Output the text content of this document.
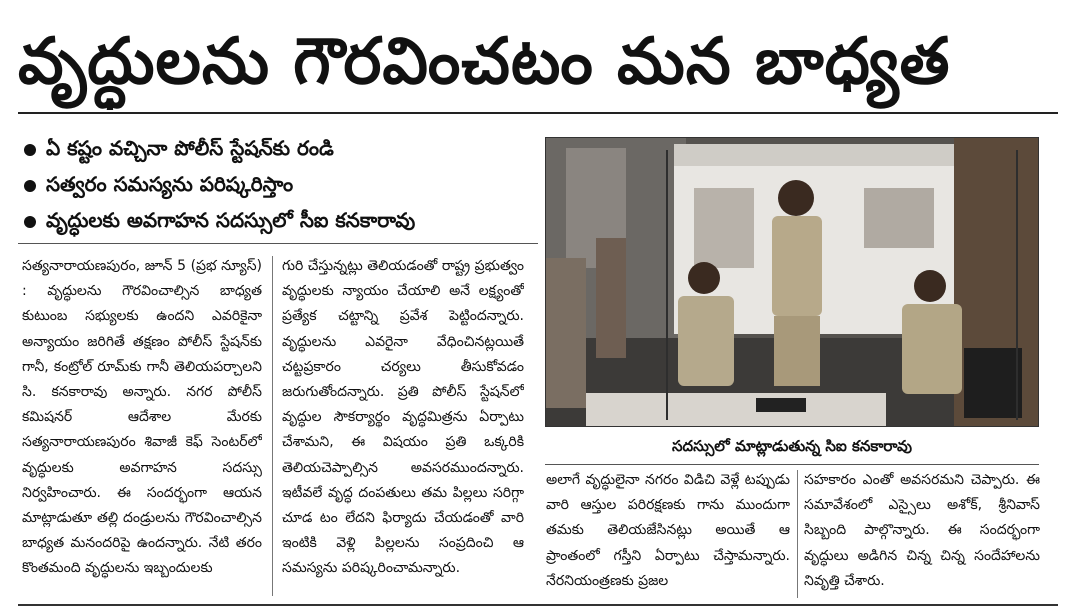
వృద్ధులను గౌరవించటం మన బాధ్యత
ఏ కష్టం వచ్చినా పోలీస్ స్టేషన్‌కు రండి
సత్వరం సమస్యను పరిష్కరిస్తాం
వృద్ధులకు అవగాహన సదస్సులో సీఐ కనకారావు

సత్యనారాయణపురం, జూన్ 5 (ప్రభ న్యూస్) : వృద్ధులను గౌరవించాల్సిన బాధ్యత కుటుంబ సభ్యులకు ఉందని ఎవరికైనా అన్యాయం జరిగితే తక్షణం పోలీస్ స్టేషన్‌కు గానీ, కంట్రోల్ రూమ్‌కు గానీ తెలియపర్చాలని సి. కనకారావు అన్నారు. నగర పోలీస్ కమిషనర్ ఆదేశాల మేరకు సత్యనారాయణపురం శివాజీ కెఫ్ సెంటర్‌లో వృద్ధులకు అవగాహన సదస్సు నిర్వహించారు. ఈ సందర్భంగా ఆయన మాట్లాడుతూ తల్లి దండ్రులను గౌరవించాల్సిన బాధ్యత మనందరిపై ఉందన్నారు. నేటి తరం కొంతమంది వృద్ధులను ఇబ్బందులకు

గురి చేస్తున్నట్లు తెలియడంతో రాష్ట్ర ప్రభుత్వం వృద్ధులకు న్యాయం చేయాలి అనే లక్ష్యంతో ప్రత్యేక చట్టాన్ని ప్రవేశ పెట్టిందన్నారు. వృద్ధులను ఎవరైనా వేధించినట్లయితే చట్టప్రకారం చర్యలు తీసుకోవడం జరుగుతోందన్నారు. ప్రతి పోలీస్ స్టేషన్‌లో వృద్ధుల సౌకర్యార్థం వృద్ధమిత్రను ఏర్పాటు చేశామని, ఈ విషయం ప్రతి ఒక్కరికి తెలియచెప్పాల్సిన అవసరముందన్నారు. ఇటీవలే వృద్ధ దంపతులు తమ పిల్లలు సరిగ్గా చూడ టం లేదని ఫిర్యాదు చేయడంతో వారి ఇంటికి వెళ్లి పిల్లలను సంప్రదించి ఆ సమస్యను పరిష్కరించామన్నారు.

సదస్సులో మాట్లాడుతున్న సిఐ కనకారావు

అలాగే వృద్ధులైనా నగరం విడిచి వెళ్లే టప్పుడు వారి ఆస్తుల పరిరక్షణకు గాను ముందుగా తమకు తెలియజేసినట్లు అయితే ఆ ప్రాంతంలో గస్తీని ఏర్పాటు చేస్తామన్నారు. నేరనియంత్రణకు ప్రజల

సహకారం ఎంతో అవసరమని చెప్పారు. ఈ సమావేశంలో ఎస్సైలు అశోక్, శ్రీనివాస్ సిబ్బంది పాల్గొన్నారు. ఈ సందర్భంగా వృద్ధులు అడిగిన చిన్న చిన్న సందేహాలను నివృత్తి చేశారు.
